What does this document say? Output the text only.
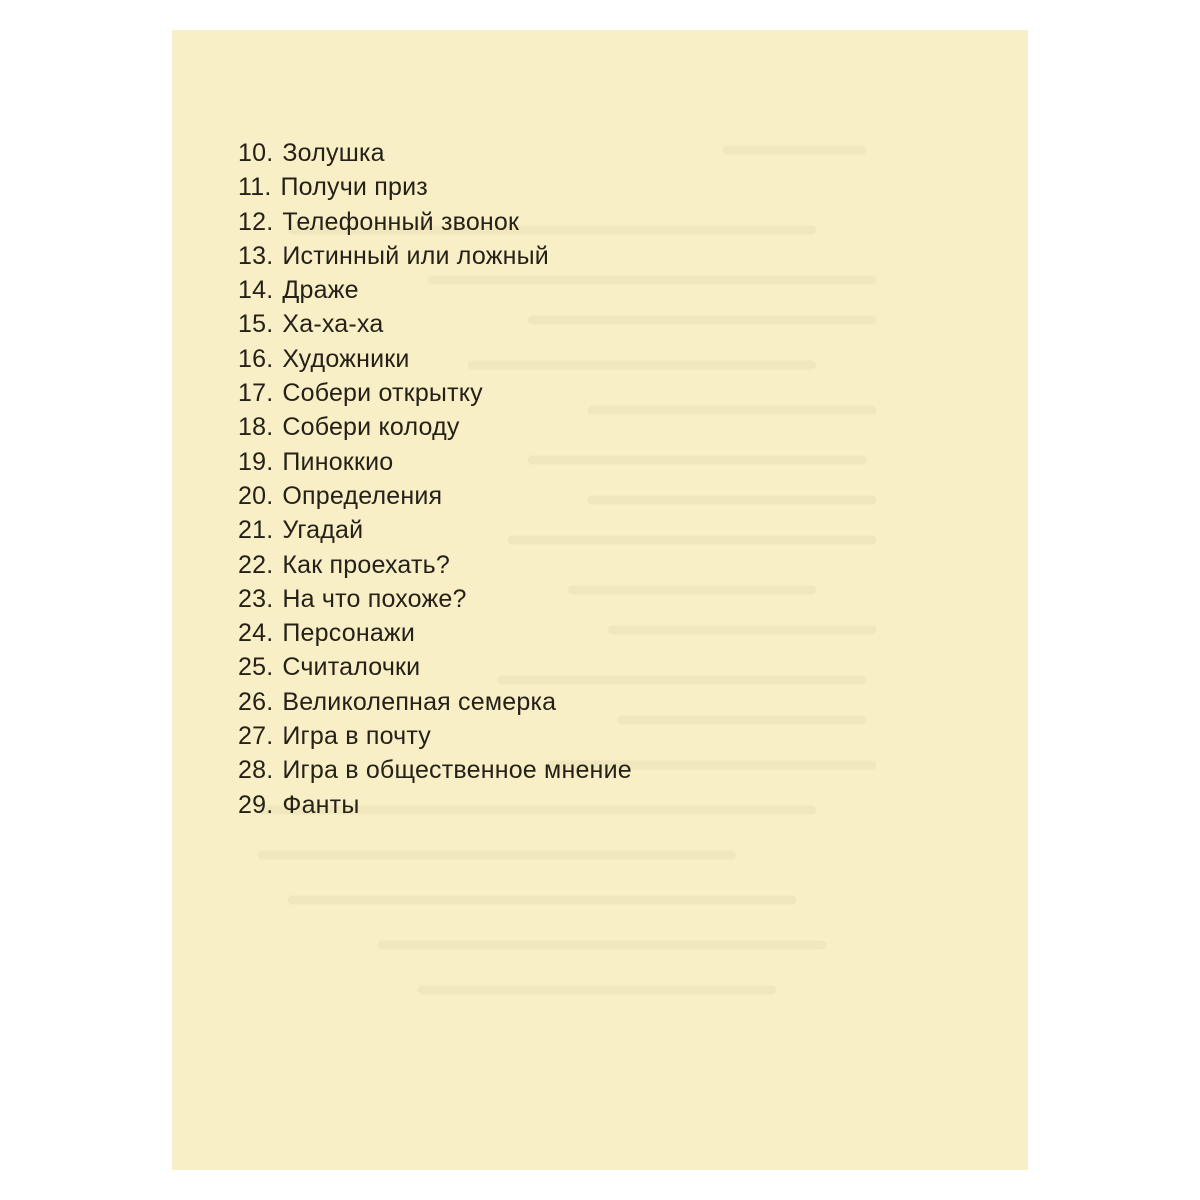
10. Золушка
11. Получи приз
12. Телефонный звонок
13. Истинный или ложный
14. Драже
15. Ха-ха-ха
16. Художники
17. Собери открытку
18. Собери колоду
19. Пиноккио
20. Определения
21. Угадай
22. Как проехать?
23. На что похоже?
24. Персонажи
25. Считалочки
26. Великолепная семерка
27. Игра в почту
28. Игра в общественное мнение
29. Фанты
